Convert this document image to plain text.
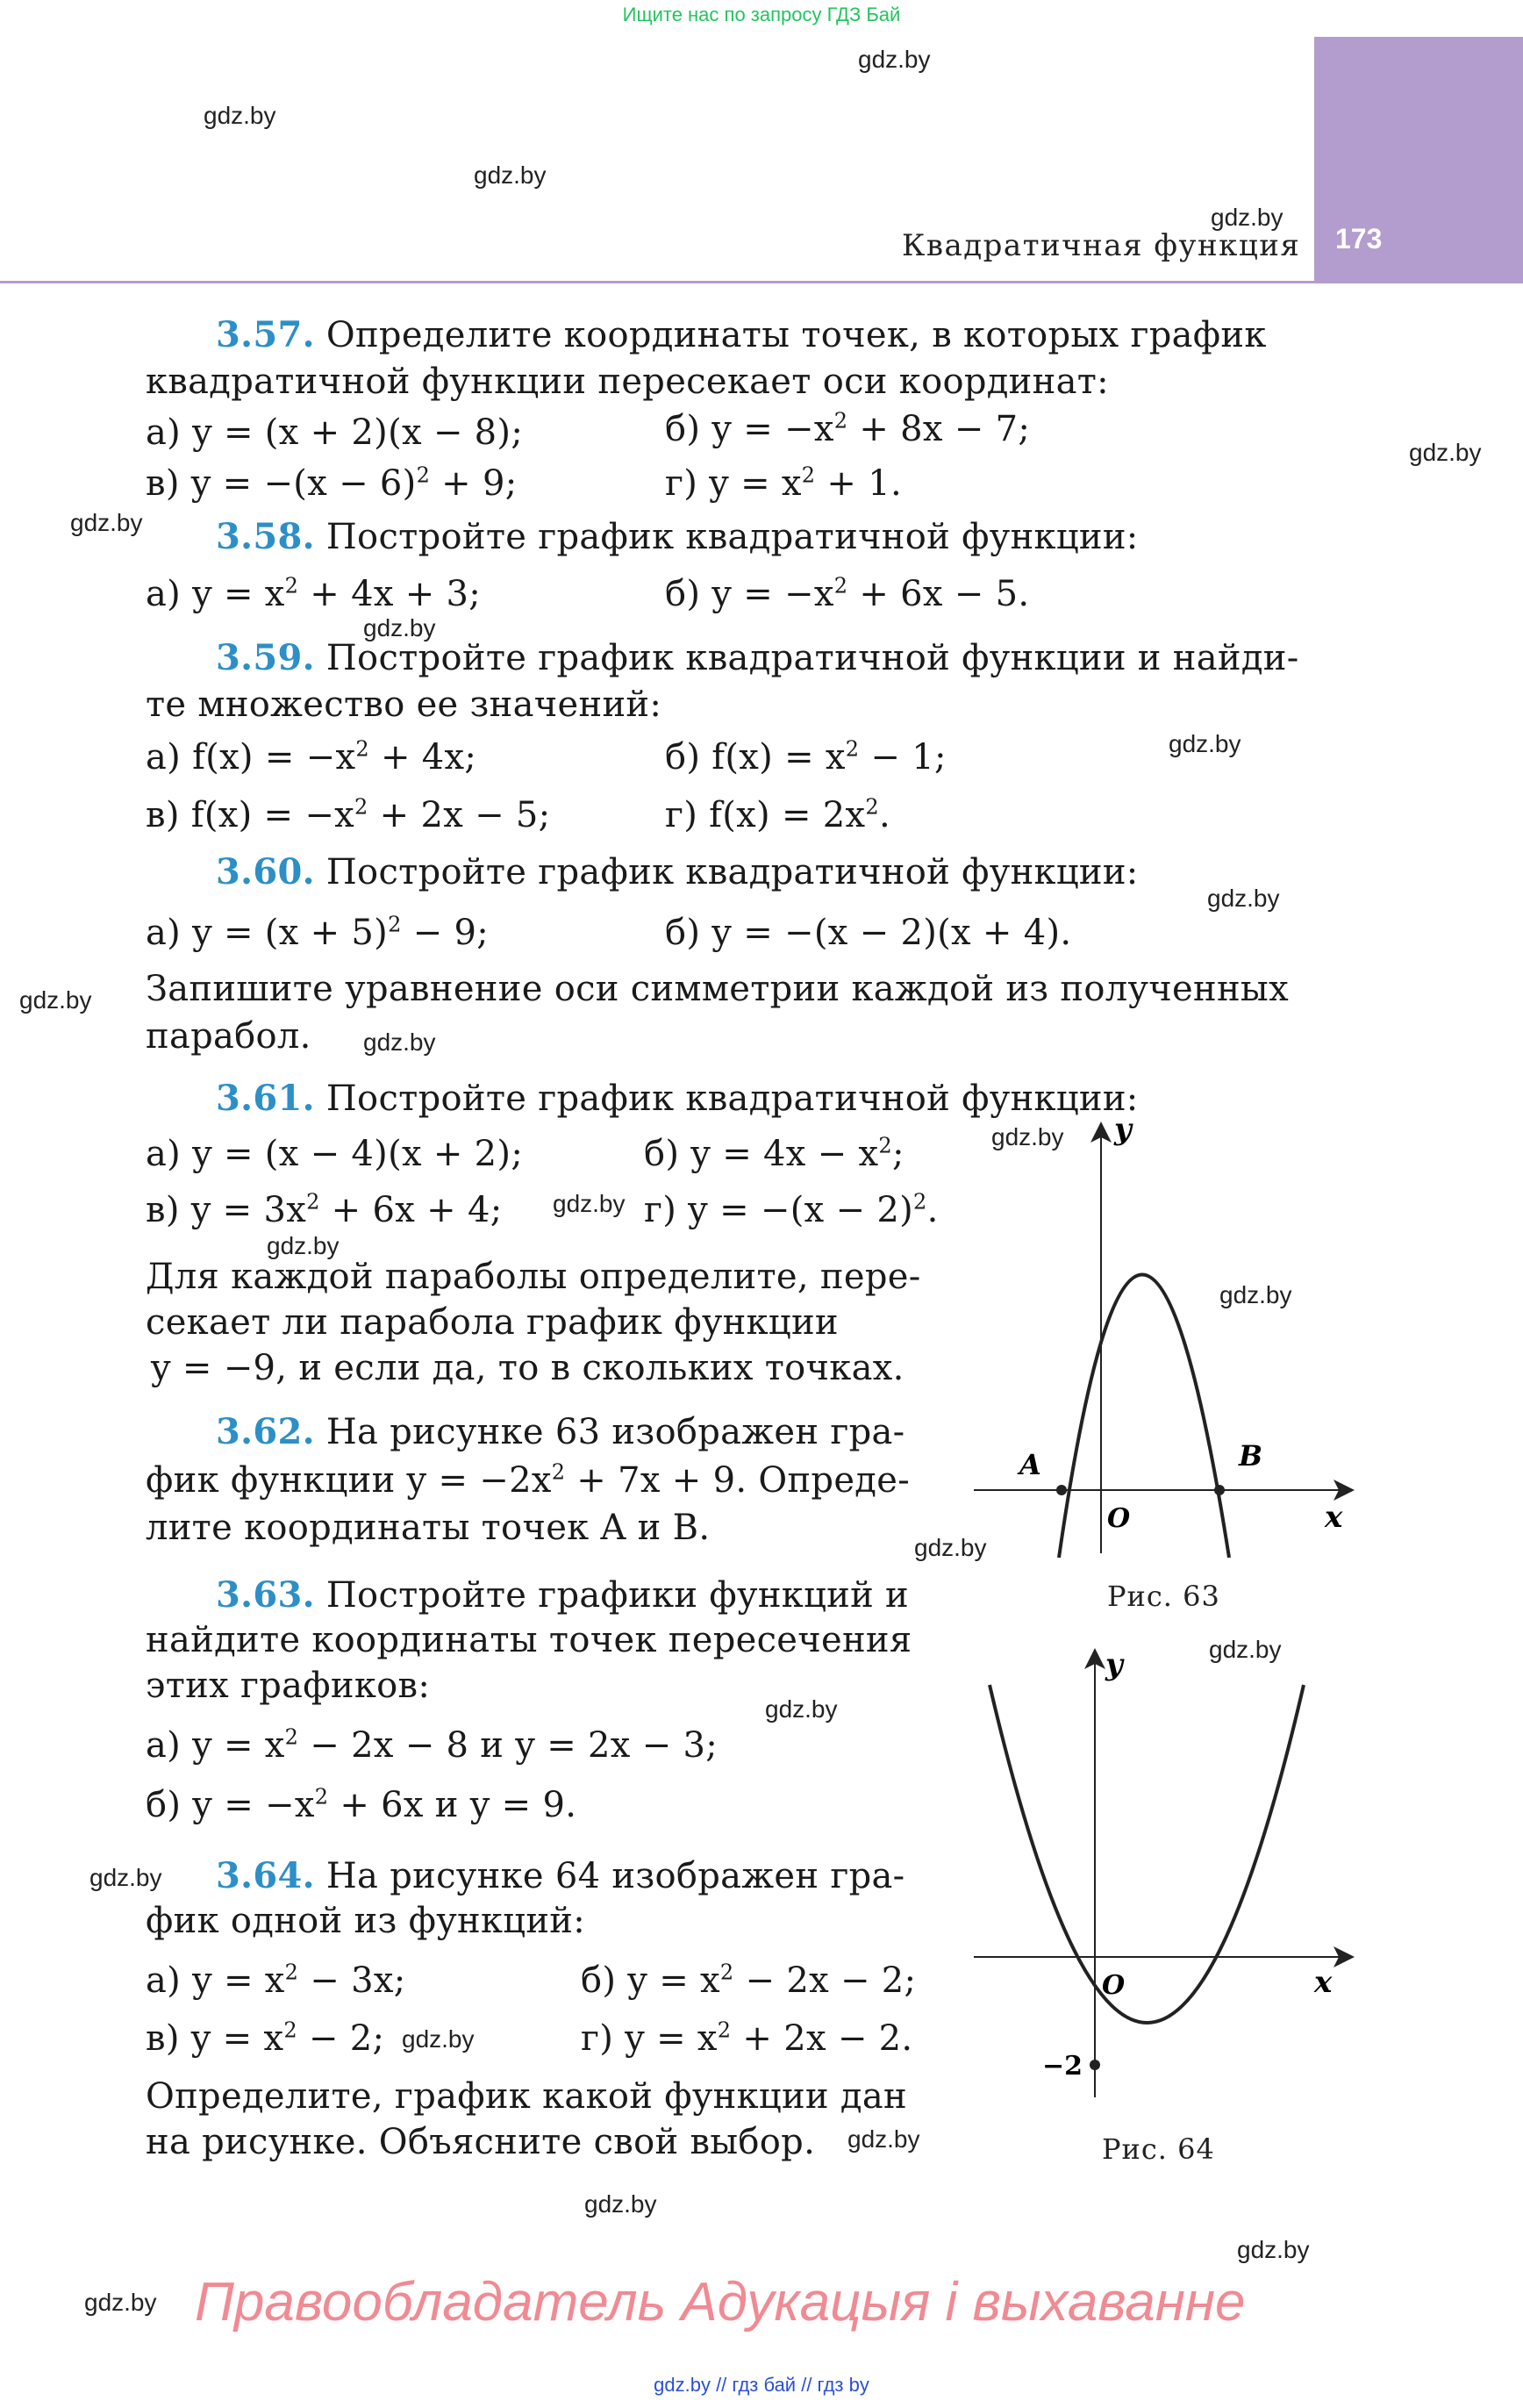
Ищите нас по запросу ГДЗ Бай
173
Квадратичная функция
gdz.by
gdz.by
gdz.by
gdz.by
gdz.by
gdz.by
gdz.by
gdz.by
gdz.by
gdz.by
gdz.by
gdz.by
gdz.by
gdz.by
gdz.by
gdz.by
gdz.by
gdz.by
gdz.by
gdz.by
gdz.by
gdz.by
gdz.by
gdz.by
3.57. Определите координаты точек, в которых график
квадратичной функции пересекает оси координат:
а) y = (x + 2)(x − 8);	б) $y = -x^2 + 8x - 7$;
в) $y = -(x - 6)^2 + 9$;	г) $y = x^2 + 1$.
3.58. Постройте график квадратичной функции:
а) $y = x^2 + 4x + 3$;	б) $y = -x^2 + 6x - 5$.
3.59. Постройте график квадратичной функции и найди-
те множество ее значений:
а) $f(x) = -x^2 + 4x$;	б) $f(x) = x^2 - 1$;
в) $f(x) = -x^2 + 2x - 5$;	г) $f(x) = 2x^2$.
3.60. Постройте график квадратичной функции:
а) $y = (x + 5)^2 - 9$;	б) y = −(x − 2)(x + 4).
Запишите уравнение оси симметрии каждой из полученных
парабол.
3.61. Постройте график квадратичной функции:
а) y = (x − 4)(x + 2);	б) $y = 4x - x^2$;
в) $y = 3x^2 + 6x + 4$;	г) $y = -(x - 2)^2$.
Для каждой параболы определите, пере-
секает ли парабола график функции
y = −9, и если да, то в скольких точках.
3.62. На рисунке 63 изображен гра-
фик функции $y = -2x^2 + 7x + 9$. Опреде-
лите координаты точек A и B.
3.63. Постройте графики функций и
найдите координаты точек пересечения
этих графиков:
а) $y = x^2 - 2x - 8$ и y = 2x − 3;
б) $y = -x^2 + 6x$ и y = 9.
3.64. На рисунке 64 изображен гра-
фик одной из функций:
а) $y = x^2 - 3x$;	б) $y = x^2 - 2x - 2$;
в) $y = x^2 - 2$;	г) $y = x^2 + 2x - 2$.
Определите, график какой функции дан
на рисунке. Объясните свой выбор.
y
x
O
A	B
Рис. 63
y
x
O
−2
Рис. 64
Правообладатель Адукацыя і выхаванне
gdz.by // гдз бай // гдз by
